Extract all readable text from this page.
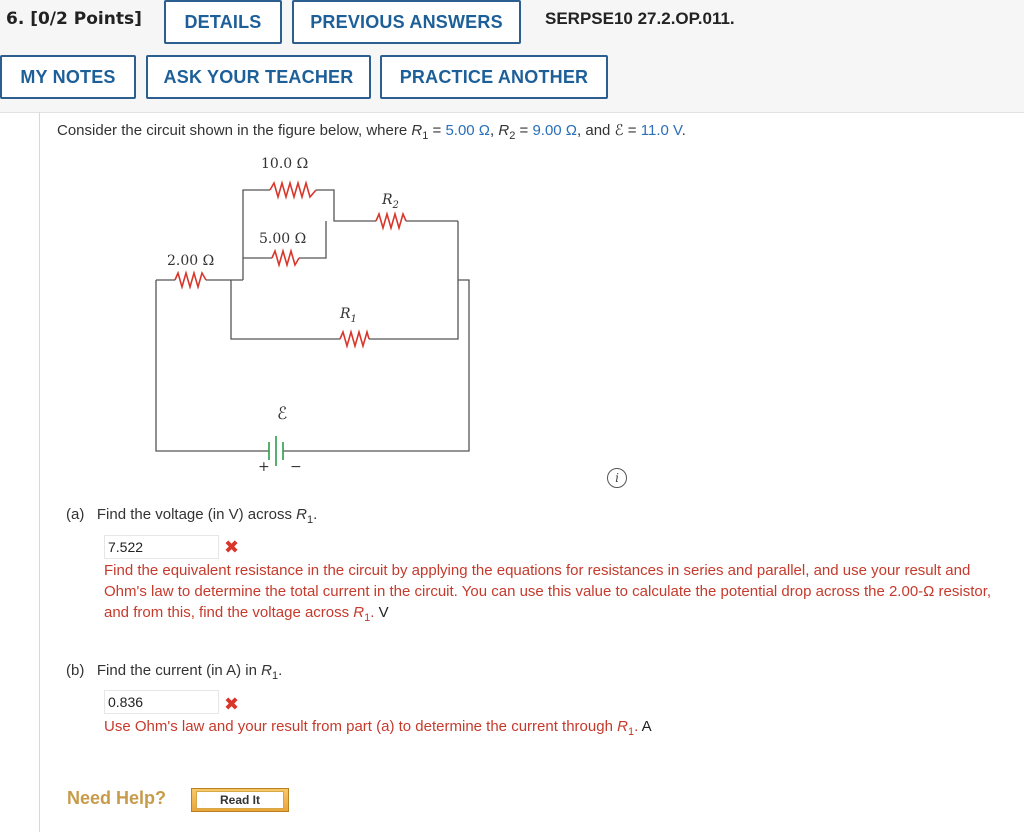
6. [0/2 Points]	DETAILS	PREVIOUS ANSWERS	SERPSE10 27.2.OP.011.
MY NOTES	ASK YOUR TEACHER	PRACTICE ANOTHER
Consider the circuit shown in the figure below, where $R_1 = 5.00$ Ω, $R_2 = 9.00$ Ω, and ℰ = 11.0 V.
10.0 Ω
5.00 Ω
2.00 Ω
$R_2$
$R_1$
ℰ
+ −
i
(a) Find the voltage (in V) across $R_1$.
7.522	✖
Find the equivalent resistance in the circuit by applying the equations for resistances in series and parallel, and use your result and Ohm's law to determine the total current in the circuit. You can use this value to calculate the potential drop across the 2.00-Ω resistor, and from this, find the voltage across $R_1$. V
(b) Find the current (in A) in $R_1$.
0.836	✖
Use Ohm's law and your result from part (a) to determine the current through $R_1$. A
Need Help?	Read It
